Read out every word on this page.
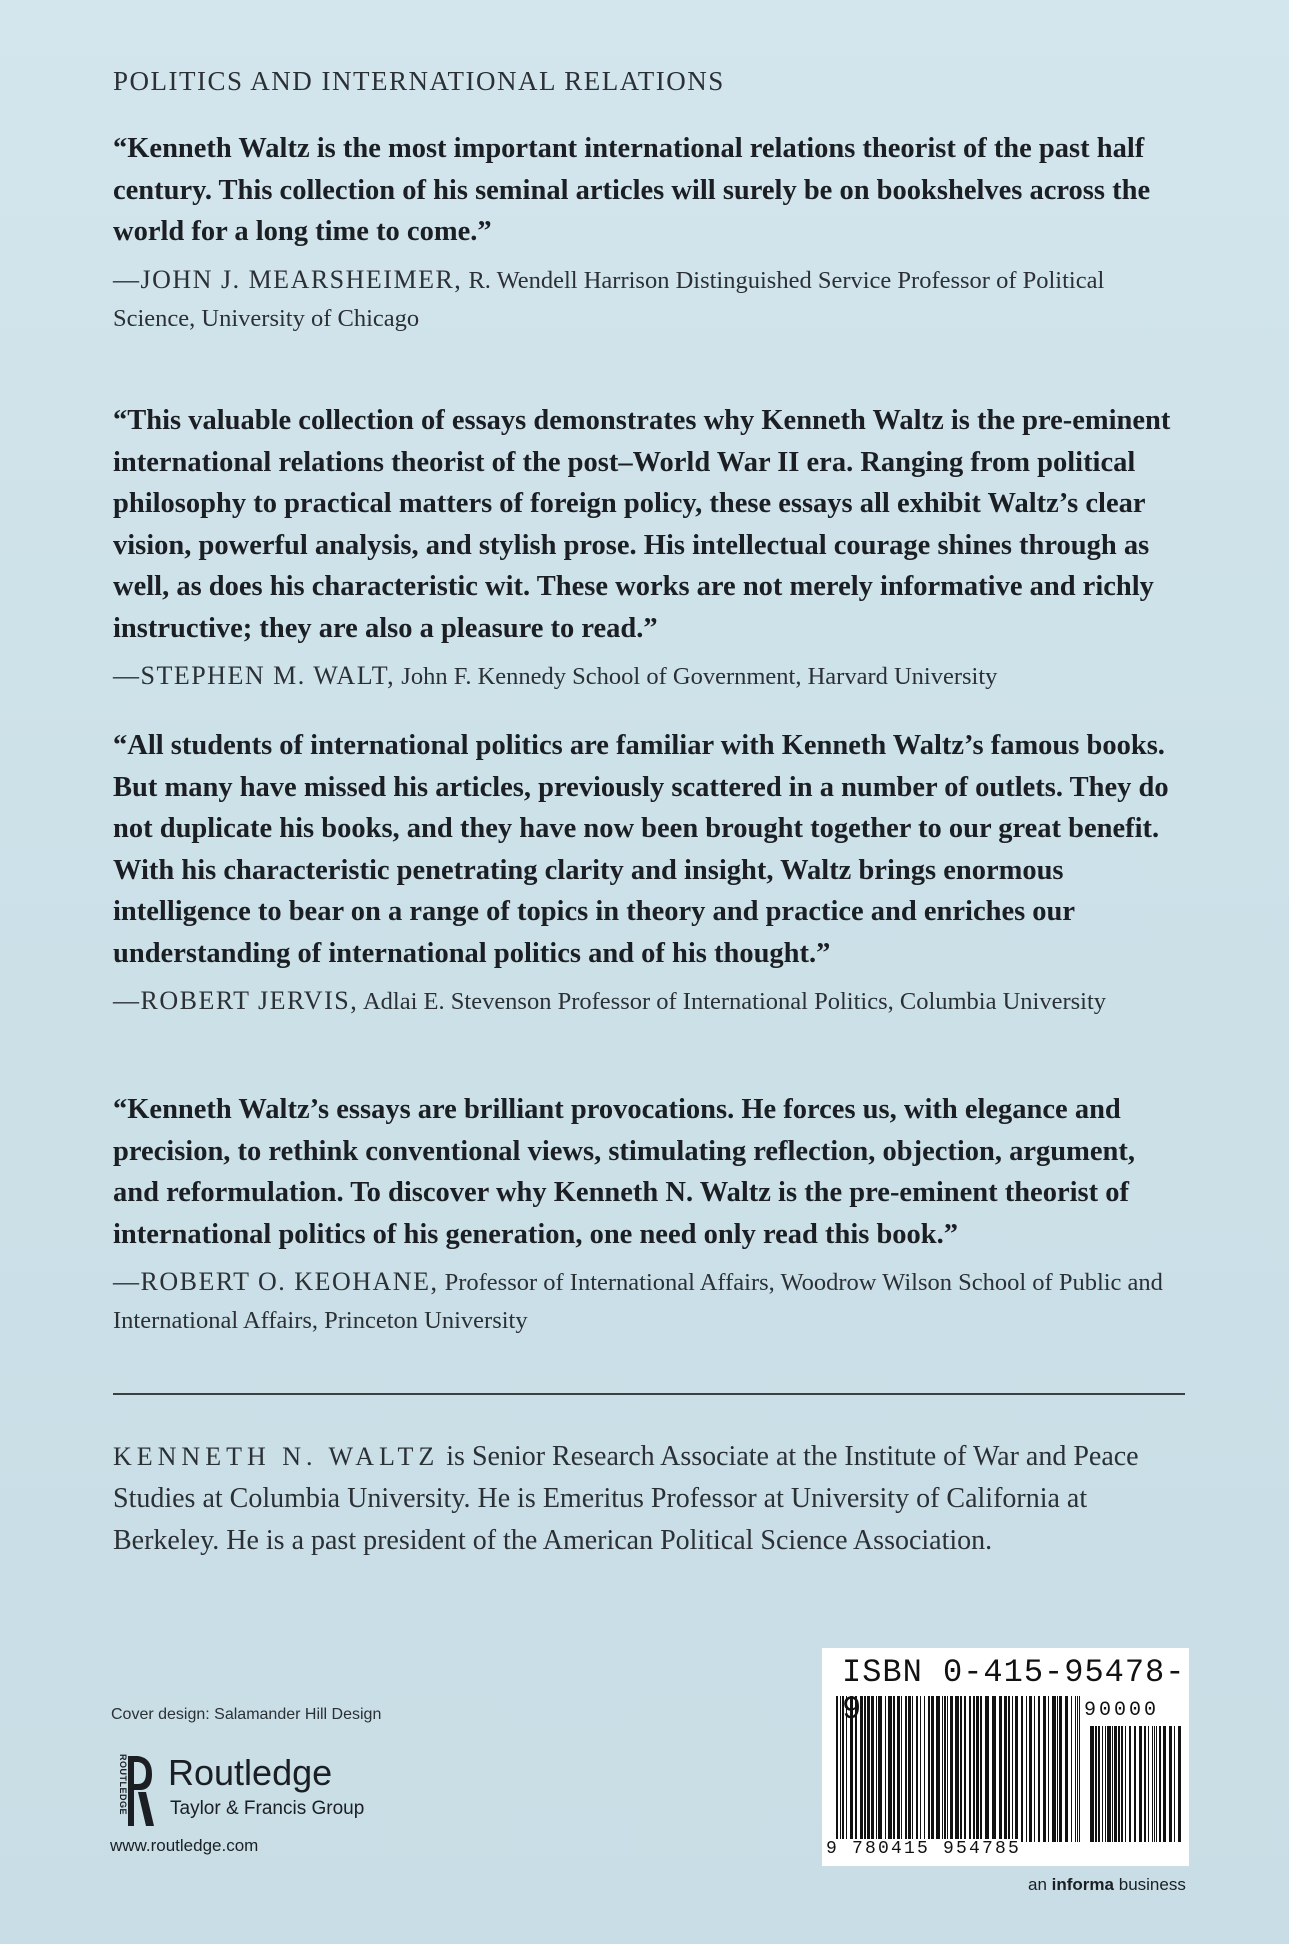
POLITICS AND INTERNATIONAL RELATIONS

“Kenneth Waltz is the most important international relations theorist of the past half century. This collection of his seminal articles will surely be on bookshelves across the world for a long time to come.”

—JOHN J. MEARSHEIMER, R. Wendell Harrison Distinguished Service Professor of Political Science, University of Chicago

“This valuable collection of essays demonstrates why Kenneth Waltz is the pre-eminent international relations theorist of the post–World War II era. Ranging from political philosophy to practical matters of foreign policy, these essays all exhibit Waltz’s clear vision, powerful analysis, and stylish prose. His intellectual courage shines through as well, as does his characteristic wit. These works are not merely informative and richly instructive; they are also a pleasure to read.”

—STEPHEN M. WALT, John F. Kennedy School of Government, Harvard University

“All students of international politics are familiar with Kenneth Waltz’s famous books. But many have missed his articles, previously scattered in a number of outlets. They do not duplicate his books, and they have now been brought together to our great benefit. With his characteristic penetrating clarity and insight, Waltz brings enormous intelligence to bear on a range of topics in theory and practice and enriches our understanding of international politics and of his thought.”

—ROBERT JERVIS, Adlai E. Stevenson Professor of International Politics, Columbia University

“Kenneth Waltz’s essays are brilliant provocations. He forces us, with elegance and precision, to rethink conventional views, stimulating reflection, objection, argument, and reformulation. To discover why Kenneth N. Waltz is the pre-eminent theorist of international politics of his generation, one need only read this book.”

—ROBERT O. KEOHANE, Professor of International Affairs, Woodrow Wilson School of Public and International Affairs, Princeton University

KENNETH N. WALTZ is Senior Research Associate at the Institute of War and Peace Studies at Columbia University. He is Emeritus Professor at University of California at Berkeley. He is a past president of the American Political Science Association.
Cover design: Salamander Hill Design
ROUTLEDGE Routledge
Taylor & Francis Group
www.routledge.com
ISBN 0-415-95478-9	90000
9 780415 954785
an informa business
